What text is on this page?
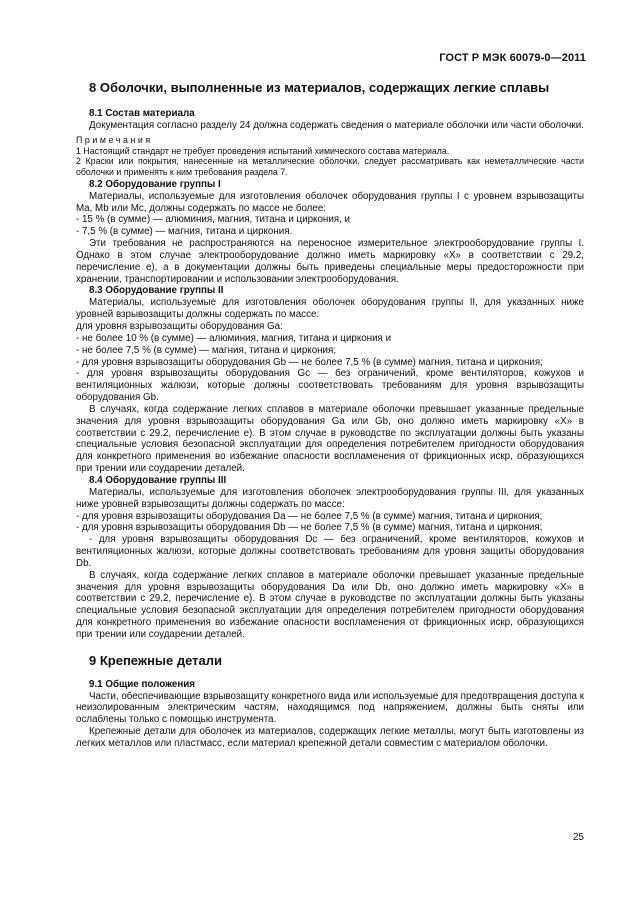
ГОСТ Р МЭК 60079-0—2011

8 Оболочки, выполненные из материалов, содержащих легкие сплавы

8.1 Состав материала

Документация согласно разделу 24 должна содержать сведения о материале оболочки или части оболочки.

Примечания

1 Настоящий стандарт не требует проведения испытаний химического состава материала.

2 Краски или покрытия, нанесенные на металлические оболочки, следует рассматривать как неметаллические части оболочки и применять к ним требования раздела 7.

8.2 Оборудование группы I

Материалы, используемые для изготовления оболочек оборудования группы I с уровнем взрывозащиты Ma, Mb или Mc, должны содержать по массе не более:

- 15 % (в сумме) — алюминия, магния, титана и циркония, и

- 7,5 % (в сумме) — магния, титана и циркония.

Эти требования не распространяются на переносное измерительное электрооборудование группы I. Однако в этом случае электрооборудование должно иметь маркировку «X» в соответствии с 29.2, перечисление e), а в документации должны быть приведены специальные меры предосторожности при хранении, транспортировании и использовании электрооборудования.

8.3 Оборудование группы II

Материалы, используемые для изготовления оболочек оборудования группы II, для указанных ниже уровней взрывозащиты должны содержать по массе:

для уровня взрывозащиты оборудования Ga:

- не более 10 % (в сумме) — алюминия, магния, титана и циркония и

- не более 7,5 % (в сумме) — магния, титана и циркония;

- для уровня взрывозащиты оборудования Gb — не более 7,5 % (в сумме) магния, титана и циркония;

- для уровня взрывозащиты оборудования Gc — без ограничений, кроме вентиляторов, кожухов и вентиляционных жалюзи, которые должны соответствовать требованиям для уровня взрывозащиты оборудования Gb.

В случаях, когда содержание легких сплавов в материале оболочки превышает указанные предельные значения для уровня взрывозащиты оборудования Ga или Gb, оно должно иметь маркировку «X» в соответствии с 29.2, перечисление e). В этом случае в руководстве по эксплуатации должны быть указаны специальные условия безопасной эксплуатации для определения потребителем пригодности оборудования для конкретного применения во избежание опасности воспламенения от фрикционных искр, образующихся при трении или соударении деталей.

8.4 Оборудование группы III

Материалы, используемые для изготовления оболочек электрооборудования группы III, для указанных ниже уровней взрывозащиты должны содержать по массе:

- для уровня взрывозащиты оборудования Da — не более 7,5 % (в сумме) магния, титана и циркония;

- для уровня взрывозащиты оборудования Db — не более 7,5 % (в сумме) магния, титана и циркония;

- для уровня взрывозащиты оборудования Dc — без ограничений, кроме вентиляторов, кожухов и вентиляционных жалюзи, которые должны соответствовать требованиям для уровня защиты оборудования Db.

В случаях, когда содержание легких сплавов в материале оболочки превышает указанные предельные значения для уровня взрывозащиты оборудования Da или Db, оно должно иметь маркировку «X» в соответствии с 29.2, перечисление e). В этом случае в руководстве по эксплуатации должны быть указаны специальные условия безопасной эксплуатации для определения потребителем пригодности оборудования для конкретного применения во избежание опасности воспламенения от фрикционных искр, образующихся при трении или соударении деталей.

9 Крепежные детали

9.1 Общие положения

Части, обеспечивающие взрывозащиту конкретного вида или используемые для предотвращения доступа к неизолированным электрическим частям, находящимся под напряжением, должны быть сняты или ослаблены только с помощью инструмента.

Крепежные детали для оболочек из материалов, содержащих легкие металлы, могут быть изготовлены из легких металлов или пластмасс, если материал крепежной детали совместим с материалом оболочки.

25
